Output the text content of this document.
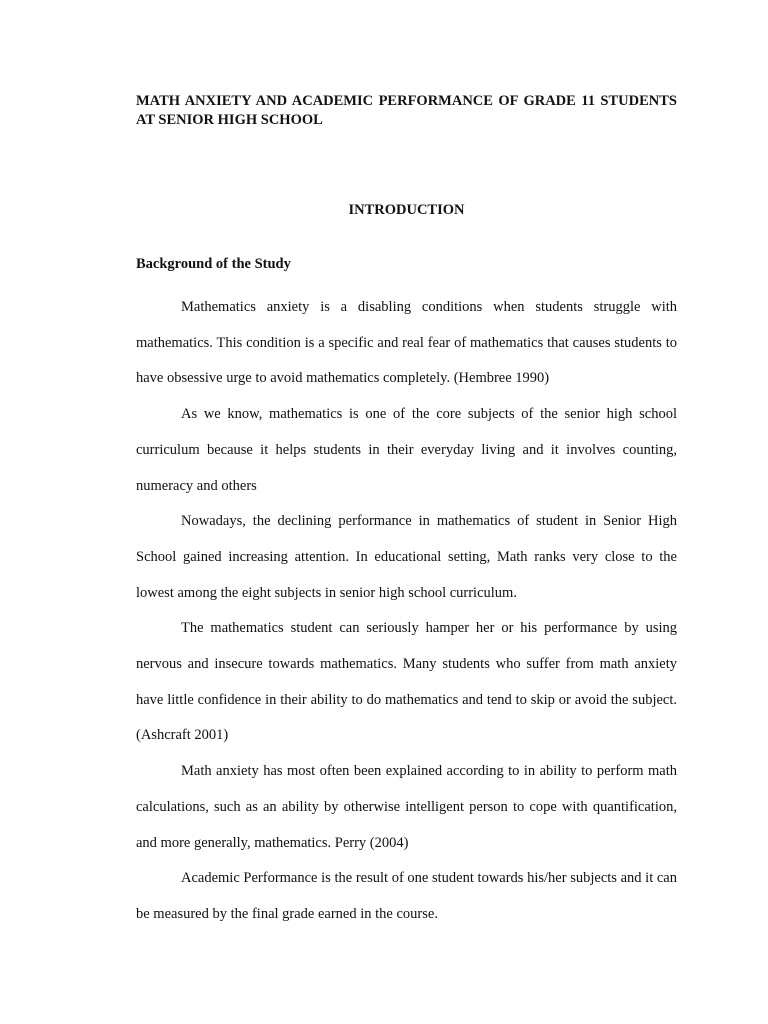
MATH ANXIETY AND ACADEMIC PERFORMANCE OF GRADE 11 STUDENTS AT SENIOR HIGH SCHOOL

INTRODUCTION

Background of the Study

Mathematics anxiety is a disabling conditions when students struggle with mathematics. This condition is a specific and real fear of mathematics that causes students to have obsessive urge to avoid mathematics completely. (Hembree 1990)

As we know, mathematics is one of the core subjects of the senior high school curriculum because it helps students in their everyday living and it involves counting, numeracy and others

Nowadays, the declining performance in mathematics of student in Senior High School gained increasing attention. In educational setting, Math ranks very close to the lowest among the eight subjects in senior high school curriculum.

The mathematics student can seriously hamper her or his performance by using nervous and insecure towards mathematics. Many students who suffer from math anxiety have little confidence in their ability to do mathematics and tend to skip or avoid the subject. (Ashcraft 2001)

Math anxiety has most often been explained according to in ability to perform math calculations, such as an ability by otherwise intelligent person to cope with quantification, and more generally, mathematics. Perry (2004)

Academic Performance is the result of one student towards his/her subjects and it can be measured by the final grade earned in the course.
